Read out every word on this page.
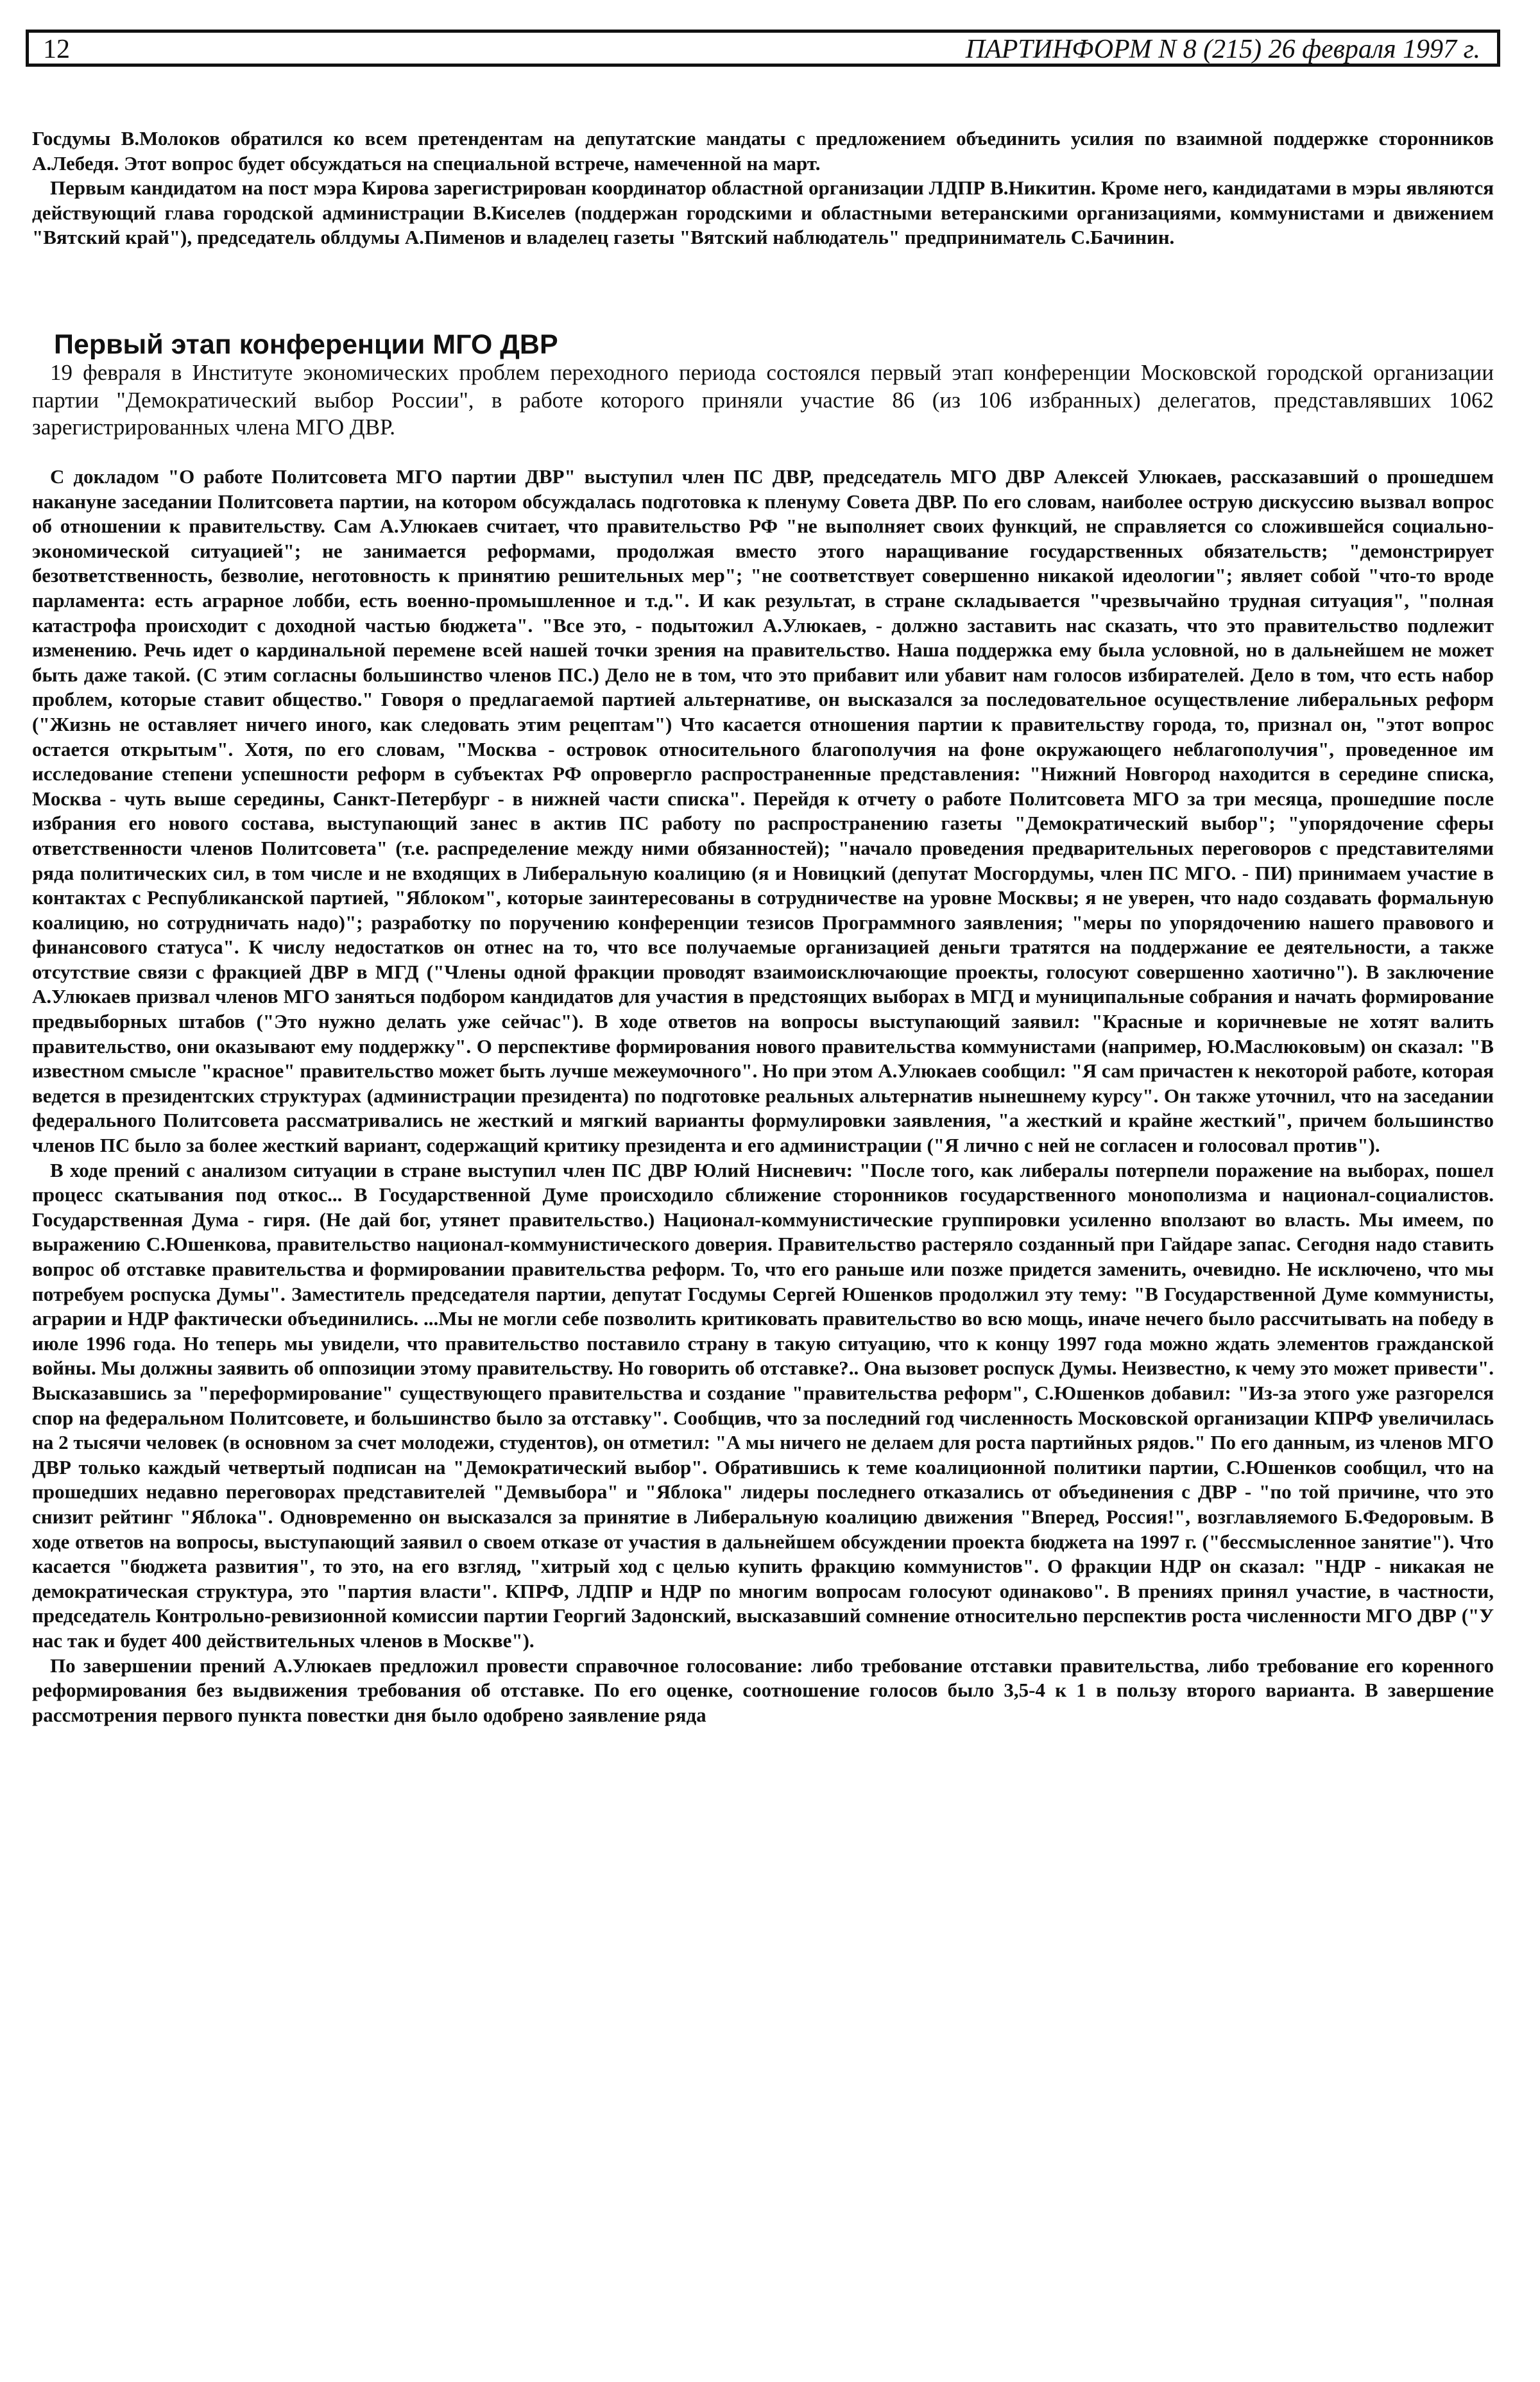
12	ПАРТИНФОРМ N 8 (215) 26 февраля 1997 г.

Госдумы В.Молоков обратился ко всем претендентам на депутатские мандаты с предложением объединить усилия по взаимной поддержке сторонников А.Лебедя. Этот вопрос будет обсуждаться на специальной встрече, намеченной на март.

Первым кандидатом на пост мэра Кирова зарегистрирован координатор областной организации ЛДПР В.Никитин. Кроме него, кандидатами в мэры являются действующий глава городской администрации В.Киселев (поддержан городскими и областными ветеранскими организациями, коммунистами и движением "Вятский край"), председатель облдумы А.Пименов и владелец газеты "Вятский наблюдатель" предприниматель С.Бачинин.

Первый этап конференции МГО ДВР
19 февраля в Институте экономических проблем переходного периода состоялся первый этап конференции Московской городской организации партии "Демократический выбор России", в работе которого приняли участие 86 (из 106 избранных) делегатов, представлявших 1062 зарегистрированных члена МГО ДВР.

С докладом "О работе Политсовета МГО партии ДВР" выступил член ПС ДВР, председатель МГО ДВР Алексей Улюкаев, рассказавший о прошедшем накануне заседании Политсовета партии, на котором обсуждалась подготовка к пленуму Совета ДВР. По его словам, наиболее острую дискуссию вызвал вопрос об отношении к правительству. Сам А.Улюкаев считает, что правительство РФ "не выполняет своих функций, не справляется со сложившейся социально-экономической ситуацией"; не занимается реформами, продолжая вместо этого наращивание государственных обязательств; "демонстрирует безответственность, безволие, неготовность к принятию решительных мер"; "не соответствует совершенно никакой идеологии"; являет собой "что-то вроде парламента: есть аграрное лобби, есть военно-промышленное и т.д.". И как результат, в стране складывается "чрезвычайно трудная ситуация", "полная катастрофа происходит с доходной частью бюджета". "Все это, - подытожил А.Улюкаев, - должно заставить нас сказать, что это правительство подлежит изменению. Речь идет о кардинальной перемене всей нашей точки зрения на правительство. Наша поддержка ему была условной, но в дальнейшем не может быть даже такой. (С этим согласны большинство членов ПС.) Дело не в том, что это прибавит или убавит нам голосов избирателей. Дело в том, что есть набор проблем, которые ставит общество." Говоря о предлагаемой партией альтернативе, он высказался за последовательное осуществление либеральных реформ ("Жизнь не оставляет ничего иного, как следовать этим рецептам") Что касается отношения партии к правительству города, то, признал он, "этот вопрос остается открытым". Хотя, по его словам, "Москва - островок относительного благополучия на фоне окружающего неблагополучия", проведенное им исследование степени успешности реформ в субъектах РФ опровергло распространенные представления: "Нижний Новгород находится в середине списка, Москва - чуть выше середины, Санкт-Петербург - в нижней части списка". Перейдя к отчету о работе Политсовета МГО за три месяца, прошедшие после избрания его нового состава, выступающий занес в актив ПС работу по распространению газеты "Демократический выбор"; "упорядочение сферы ответственности членов Политсовета" (т.е. распределение между ними обязанностей); "начало проведения предварительных переговоров с представителями ряда политических сил, в том числе и не входящих в Либеральную коалицию (я и Новицкий (депутат Мосгордумы, член ПС МГО. - ПИ) принимаем участие в контактах с Республиканской партией, "Яблоком", которые заинтересованы в сотрудничестве на уровне Москвы; я не уверен, что надо создавать формальную коалицию, но сотрудничать надо)"; разработку по поручению конференции тезисов Программного заявления; "меры по упорядочению нашего правового и финансового статуса". К числу недостатков он отнес на то, что все получаемые организацией деньги тратятся на поддержание ее деятельности, а также отсутствие связи с фракцией ДВР в МГД ("Члены одной фракции проводят взаимоисключающие проекты, голосуют совершенно хаотично"). В заключение А.Улюкаев призвал членов МГО заняться подбором кандидатов для участия в предстоящих выборах в МГД и муниципальные собрания и начать формирование предвыборных штабов ("Это нужно делать уже сейчас"). В ходе ответов на вопросы выступающий заявил: "Красные и коричневые не хотят валить правительство, они оказывают ему поддержку". О перспективе формирования нового правительства коммунистами (например, Ю.Маслюковым) он сказал: "В известном смысле "красное" правительство может быть лучше межеумочного". Но при этом А.Улюкаев сообщил: "Я сам причастен к некоторой работе, которая ведется в президентских структурах (администрации президента) по подготовке реальных альтернатив нынешнему курсу". Он также уточнил, что на заседании федерального Политсовета рассматривались не жесткий и мягкий варианты формулировки заявления, "а жесткий и крайне жесткий", причем большинство членов ПС было за более жесткий вариант, содержащий критику президента и его администрации ("Я лично с ней не согласен и голосовал против").

В ходе прений с анализом ситуации в стране выступил член ПС ДВР Юлий Нисневич: "После того, как либералы потерпели поражение на выборах, пошел процесс скатывания под откос... В Государственной Думе происходило сближение сторонников государственного монополизма и национал-социалистов. Государственная Дума - гиря. (Не дай бог, утянет правительство.) Национал-коммунистические группировки усиленно вползают во власть. Мы имеем, по выражению С.Юшенкова, правительство национал-коммунистического доверия. Правительство растеряло созданный при Гайдаре запас. Сегодня надо ставить вопрос об отставке правительства и формировании правительства реформ. То, что его раньше или позже придется заменить, очевидно. Не исключено, что мы потребуем роспуска Думы". Заместитель председателя партии, депутат Госдумы Сергей Юшенков продолжил эту тему: "В Государственной Думе коммунисты, аграрии и НДР фактически объединились. ...Мы не могли себе позволить критиковать правительство во всю мощь, иначе нечего было рассчитывать на победу в июле 1996 года. Но теперь мы увидели, что правительство поставило страну в такую ситуацию, что к концу 1997 года можно ждать элементов гражданской войны. Мы должны заявить об оппозиции этому правительству. Но говорить об отставке?.. Она вызовет роспуск Думы. Неизвестно, к чему это может привести". Высказавшись за "переформирование" существующего правительства и создание "правительства реформ", С.Юшенков добавил: "Из-за этого уже разгорелся спор на федеральном Политсовете, и большинство было за отставку". Сообщив, что за последний год численность Московской организации КПРФ увеличилась на 2 тысячи человек (в основном за счет молодежи, студентов), он отметил: "А мы ничего не делаем для роста партийных рядов." По его данным, из членов МГО ДВР только каждый четвертый подписан на "Демократический выбор". Обратившись к теме коалиционной политики партии, С.Юшенков сообщил, что на прошедших недавно переговорах представителей "Демвыбора" и "Яблока" лидеры последнего отказались от объединения с ДВР - "по той причине, что это снизит рейтинг "Яблока". Одновременно он высказался за принятие в Либеральную коалицию движения "Вперед, Россия!", возглавляемого Б.Федоровым. В ходе ответов на вопросы, выступающий заявил о своем отказе от участия в дальнейшем обсуждении проекта бюджета на 1997 г. ("бессмысленное занятие"). Что касается "бюджета развития", то это, на его взгляд, "хитрый ход с целью купить фракцию коммунистов". О фракции НДР он сказал: "НДР - никакая не демократическая структура, это "партия власти". КПРФ, ЛДПР и НДР по многим вопросам голосуют одинаково". В прениях принял участие, в частности, председатель Контрольно-ревизионной комиссии партии Георгий Задонский, высказавший сомнение относительно перспектив роста численности МГО ДВР ("У нас так и будет 400 действительных членов в Москве").

По завершении прений А.Улюкаев предложил провести справочное голосование: либо требование отставки правительства, либо требование его коренного реформирования без выдвижения требования об отставке. По его оценке, соотношение голосов было 3,5-4 к 1 в пользу второго варианта. В завершение рассмотрения первого пункта повестки дня было одобрено заявление ряда
